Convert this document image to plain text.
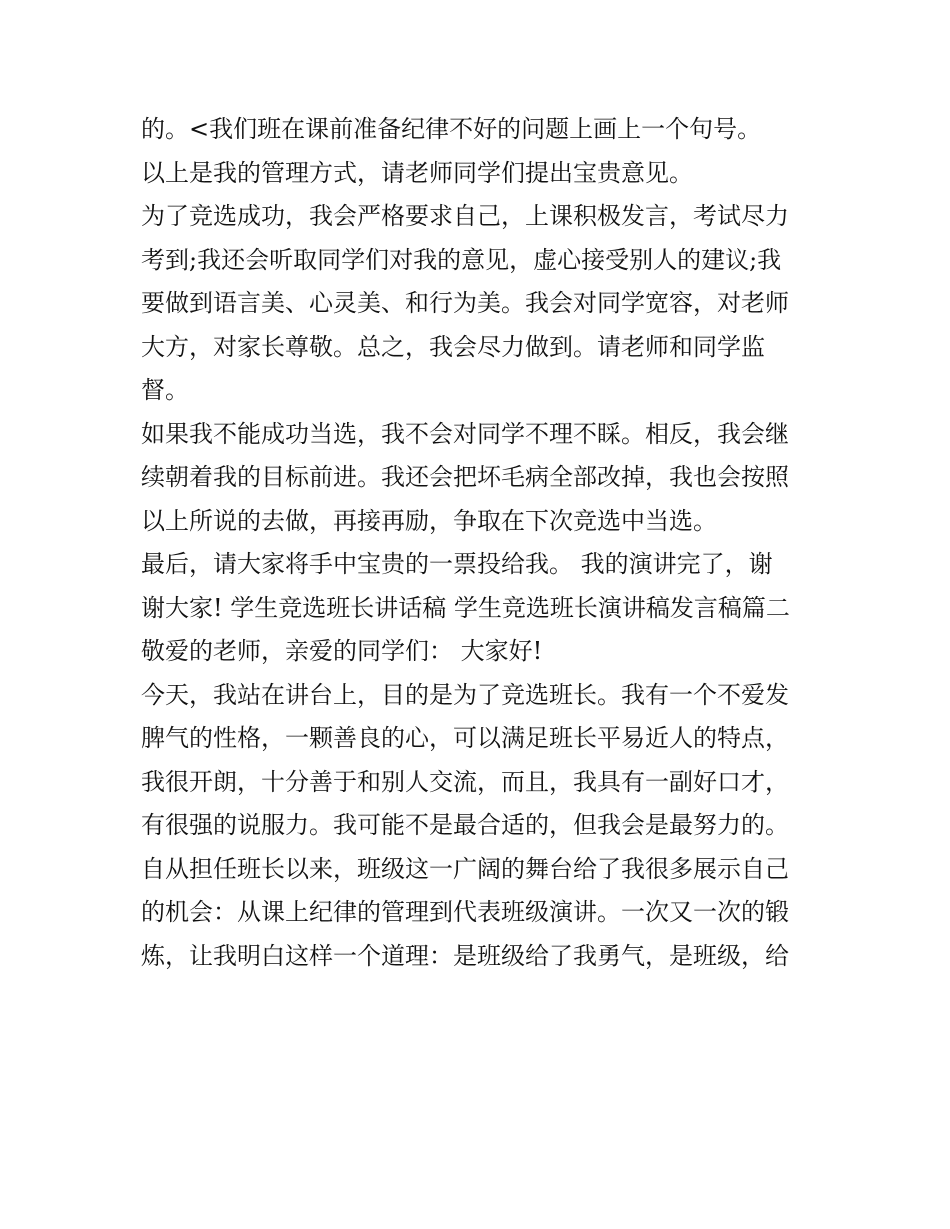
的。<我们班在课前准备纪律不好的问题上画上一个句号。
以上是我的管理方式，请老师同学们提出宝贵意见。
为了竞选成功，我会严格要求自己，上课积极发言，考试尽力
考到;我还会听取同学们对我的意见，虚心接受别人的建议;我
要做到语言美、心灵美、和行为美。我会对同学宽容，对老师
大方，对家长尊敬。总之，我会尽力做到。请老师和同学监
督。
如果我不能成功当选，我不会对同学不理不睬。相反，我会继
续朝着我的目标前进。我还会把坏毛病全部改掉，我也会按照
以上所说的去做，再接再励，争取在下次竞选中当选。
最后，请大家将手中宝贵的一票投给我。 我的演讲完了，谢
谢大家! 学生竞选班长讲话稿 学生竞选班长演讲稿发言稿篇二
敬爱的老师，亲爱的同学们： 大家好!
今天，我站在讲台上，目的是为了竞选班长。我有一个不爱发
脾气的性格，一颗善良的心，可以满足班长平易近人的特点，
我很开朗，十分善于和别人交流，而且，我具有一副好口才，
有很强的说服力。我可能不是最合适的，但我会是最努力的。
自从担任班长以来，班级这一广阔的舞台给了我很多展示自己
的机会：从课上纪律的管理到代表班级演讲。一次又一次的锻
炼，让我明白这样一个道理：是班级给了我勇气，是班级，给
